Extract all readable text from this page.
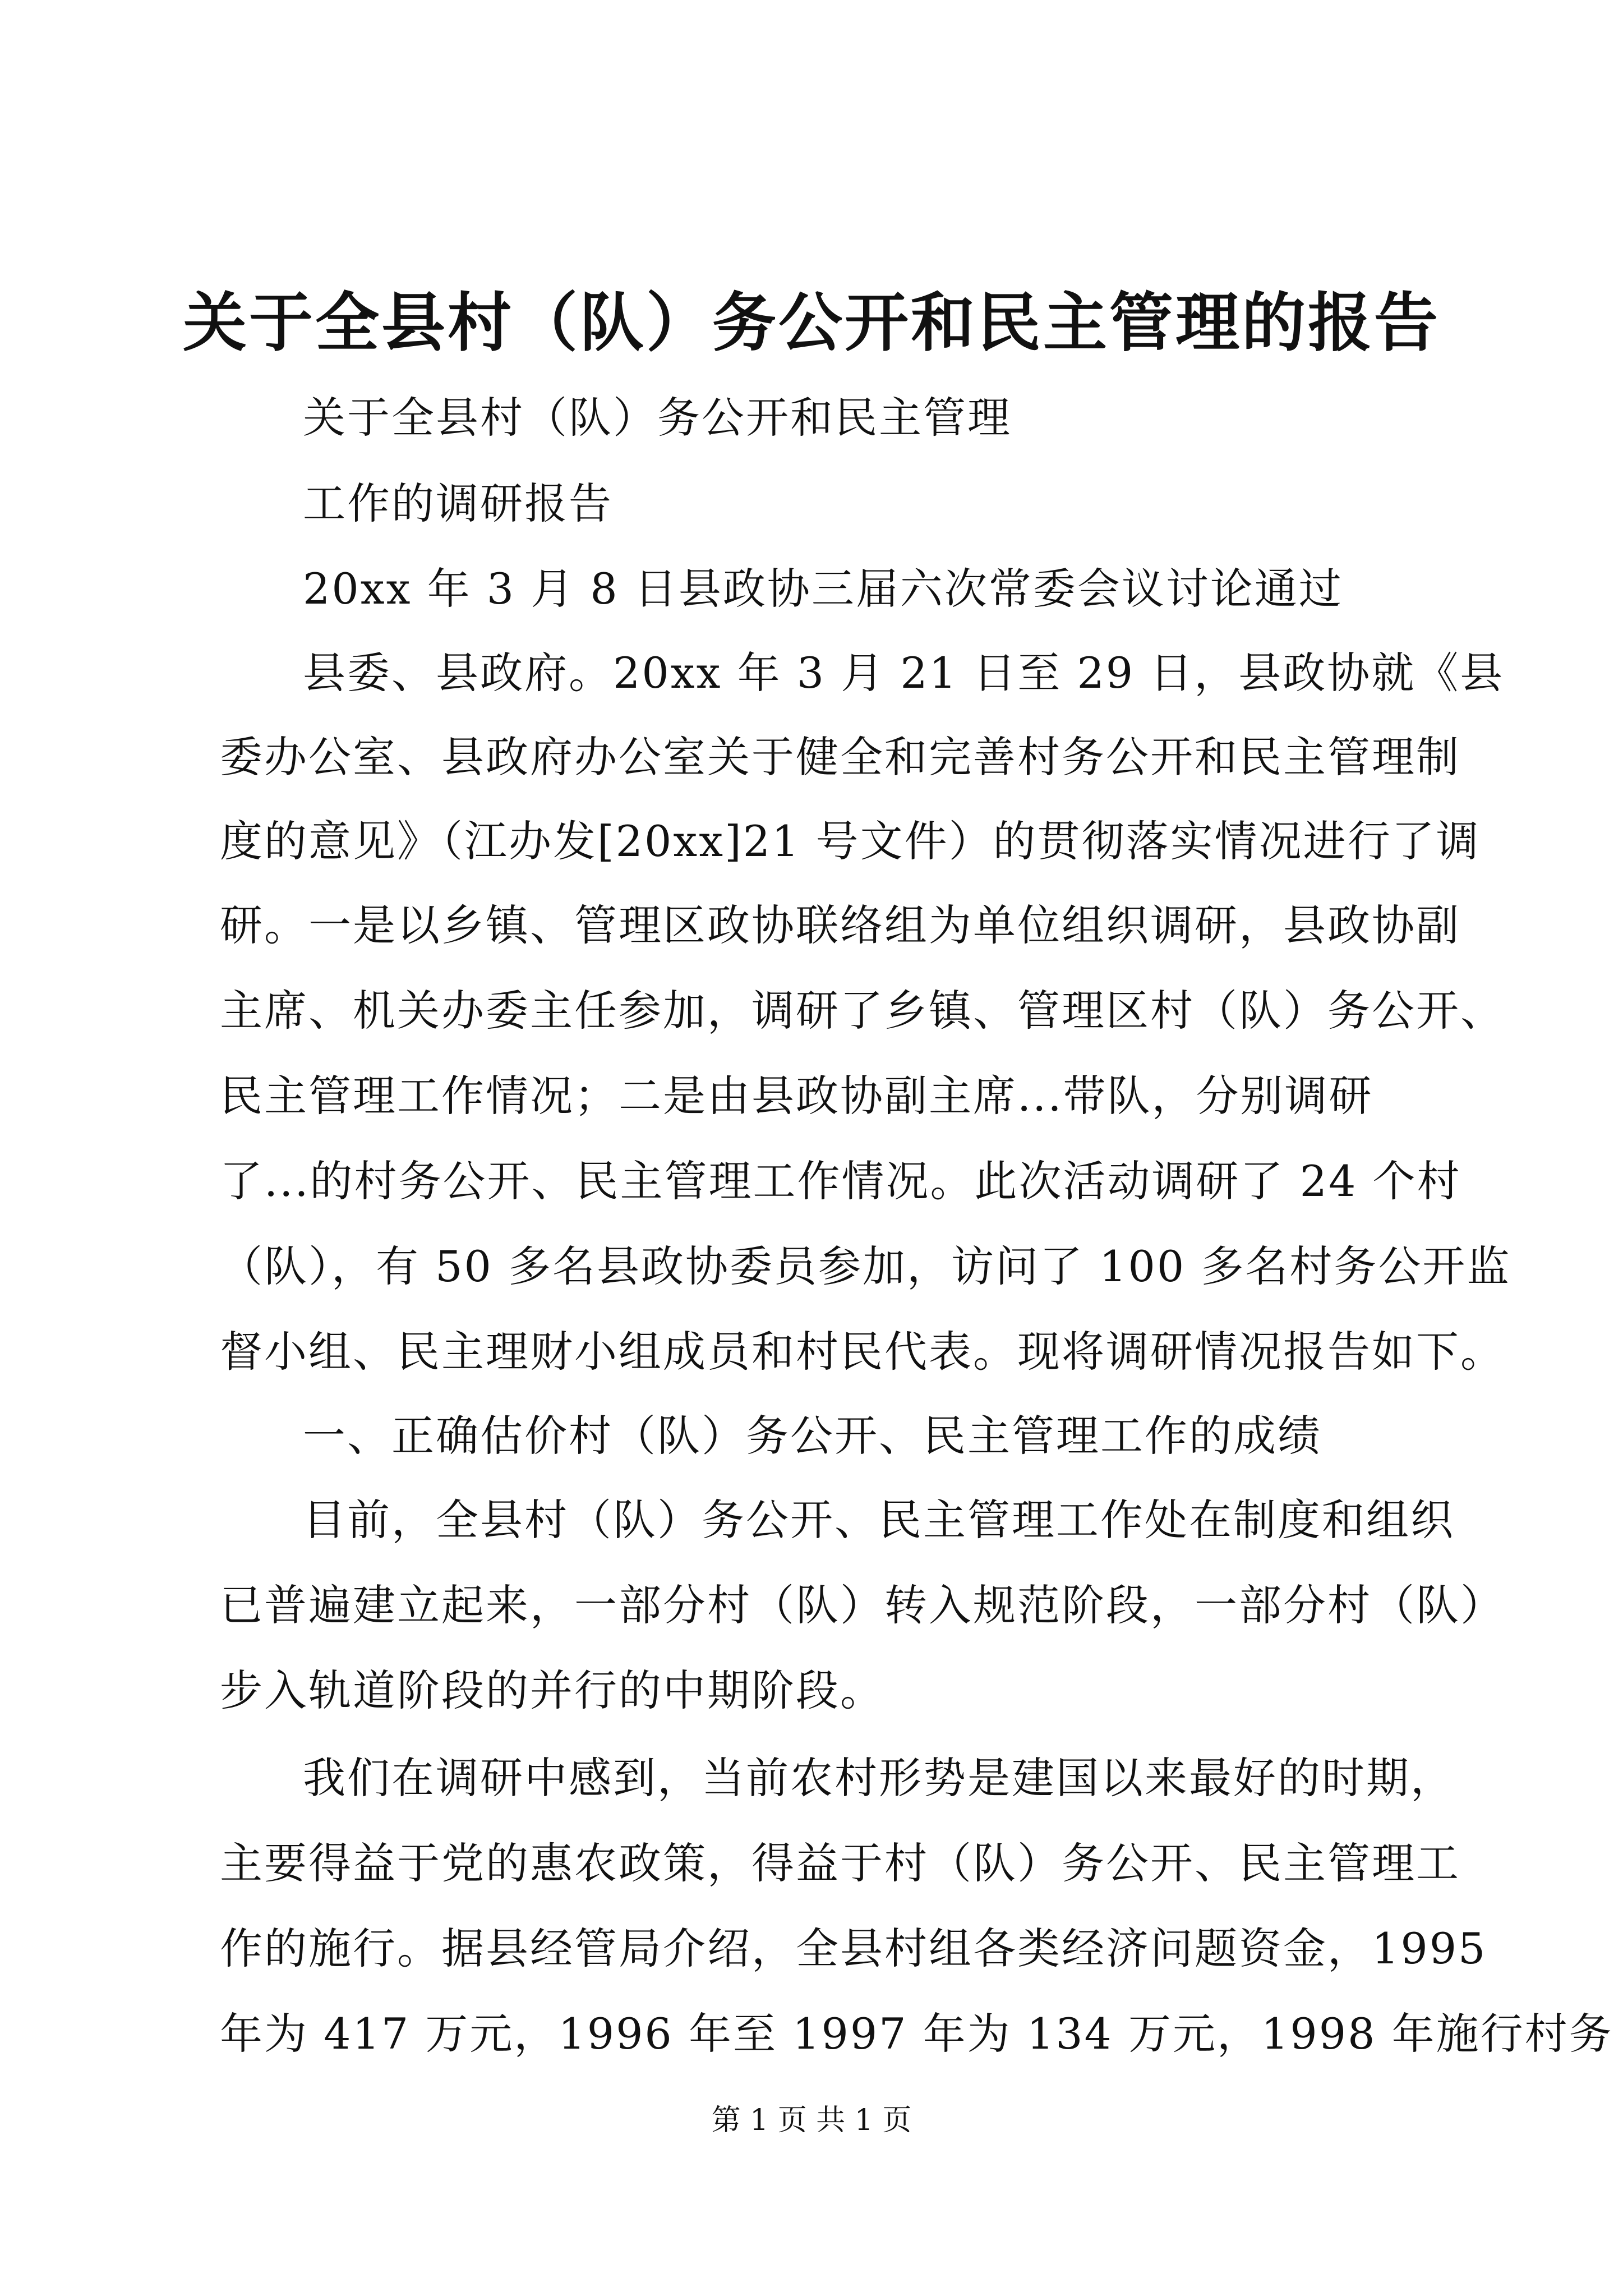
关于全县村（队）务公开和民主管理的报告
关于全县村（队）务公开和民主管理
工作的调研报告
20xx 年 3 月 8 日县政协三届六次常委会议讨论通过
县委、县政府。20xx 年 3 月 21 日至 29 日，县政协就《县
委办公室、县政府办公室关于健全和完善村务公开和民主管理制
度的意见》（江办发[20xx]21 号文件）的贯彻落实情况进行了调
研。一是以乡镇、管理区政协联络组为单位组织调研，县政协副
主席、机关办委主任参加，调研了乡镇、管理区村（队）务公开、
民主管理工作情况；二是由县政协副主席...带队，分别调研
了...的村务公开、民主管理工作情况。此次活动调研了 24 个村
（队），有 50 多名县政协委员参加，访问了 100 多名村务公开监
督小组、民主理财小组成员和村民代表。现将调研情况报告如下。
一、正确估价村（队）务公开、民主管理工作的成绩
目前，全县村（队）务公开、民主管理工作处在制度和组织
已普遍建立起来，一部分村（队）转入规范阶段，一部分村（队）
步入轨道阶段的并行的中期阶段。
我们在调研中感到，当前农村形势是建国以来最好的时期，
主要得益于党的惠农政策，得益于村（队）务公开、民主管理工
作的施行。据县经管局介绍，全县村组各类经济问题资金，1995
年为 417 万元，1996 年至 1997 年为 134 万元，1998 年施行村务
第 1 页 共 1 页
